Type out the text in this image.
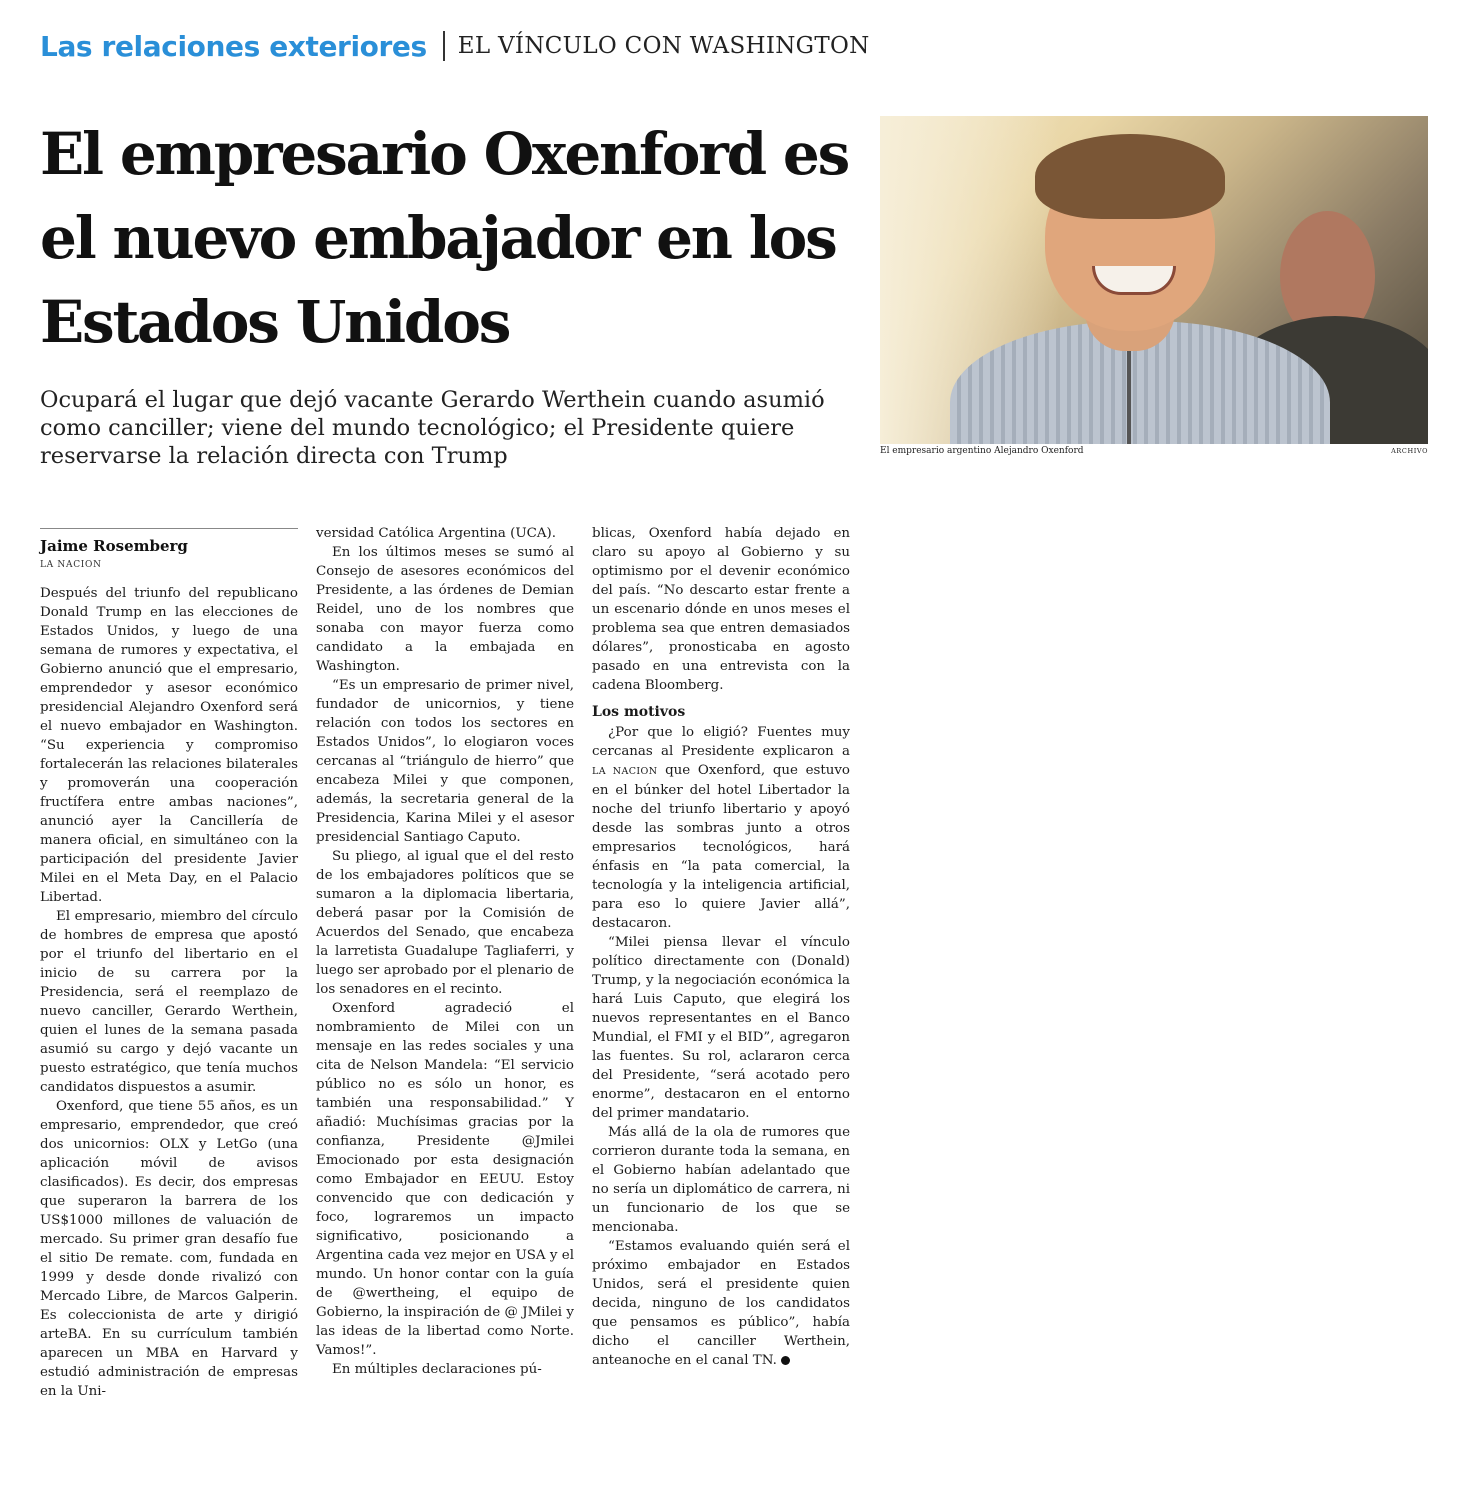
Las relaciones exteriores EL VÍNCULO CON WASHINGTON
El empresario Oxenford es el nuevo embajador en los Estados Unidos

Ocupará el lugar que dejó vacante Gerardo Werthein cuando asumió como canciller; viene del mundo tecnológico; el Presidente quiere reservarse la relación directa con Trump	El empresario argentino Alejandro Oxenford	ARCHIVO
Jaime Rosemberg
LA NACION

Después del triunfo del republicano Donald Trump en las elecciones de Estados Unidos, y luego de una semana de rumores y expectativa, el Gobierno anunció que el empresario, emprendedor y asesor económico presidencial Alejandro Oxenford será el nuevo embajador en Washington. “Su experiencia y compromiso fortalecerán las relaciones bilaterales y promoverán una cooperación fructífera entre ambas naciones”, anunció ayer la Cancillería de manera oficial, en simultáneo con la participación del presidente Javier Milei en el Meta Day, en el Palacio Libertad.

El empresario, miembro del círculo de hombres de empresa que apostó por el triunfo del libertario en el inicio de su carrera por la Presidencia, será el reemplazo de nuevo canciller, Gerardo Werthein, quien el lunes de la semana pasada asumió su cargo y dejó vacante un puesto estratégico, que tenía muchos candidatos dispuestos a asumir.

Oxenford, que tiene 55 años, es un empresario, emprendedor, que creó dos unicornios: OLX y LetGo (una aplicación móvil de avisos clasificados). Es decir, dos empresas que superaron la barrera de los US$1000 millones de valuación de mercado. Su primer gran desafío fue el sitio De remate. com, fundada en 1999 y desde donde rivalizó con Mercado Libre, de Marcos Galperin. Es coleccionista de arte y dirigió arteBA. En su currículum también aparecen un MBA en Harvard y estudió administración de empresas en la Uni-

versidad Católica Argentina (UCA).

En los últimos meses se sumó al Consejo de asesores económicos del Presidente, a las órdenes de Demian Reidel, uno de los nombres que sonaba con mayor fuerza como candidato a la embajada en Washington.

“Es un empresario de primer nivel, fundador de unicornios, y tiene relación con todos los sectores en Estados Unidos”, lo elogiaron voces cercanas al “triángulo de hierro” que encabeza Milei y que componen, además, la secretaria general de la Presidencia, Karina Milei y el asesor presidencial Santiago Caputo.

Su pliego, al igual que el del resto de los embajadores políticos que se sumaron a la diplomacia libertaria, deberá pasar por la Comisión de Acuerdos del Senado, que encabeza la larretista Guadalupe Tagliaferri, y luego ser aprobado por el plenario de los senadores en el recinto.

Oxenford agradeció el nombramiento de Milei con un mensaje en las redes sociales y una cita de Nelson Mandela: “El servicio público no es sólo un honor, es también una responsabilidad.” Y añadió: Muchísimas gracias por la confianza, Presidente @Jmilei Emocionado por esta designación como Embajador en EEUU. Estoy convencido que con dedicación y foco, lograremos un impacto significativo, posicionando a Argentina cada vez mejor en USA y el mundo. Un honor contar con la guía de @wertheing, el equipo de Gobierno, la inspiración de @ JMilei y las ideas de la libertad como Norte. Vamos!”.

En múltiples declaraciones pú-

blicas, Oxenford había dejado en claro su apoyo al Gobierno y su optimismo por el devenir económico del país. “No descarto estar frente a un escenario dónde en unos meses el problema sea que entren demasiados dólares”, pronosticaba en agosto pasado en una entrevista con la cadena Bloomberg.

Los motivos

¿Por que lo eligió? Fuentes muy cercanas al Presidente explicaron a LA NACION que Oxenford, que estuvo en el búnker del hotel Libertador la noche del triunfo libertario y apoyó desde las sombras junto a otros empresarios tecnológicos, hará énfasis en “la pata comercial, la tecnología y la inteligencia artificial, para eso lo quiere Javier allá”, destacaron.

“Milei piensa llevar el vínculo político directamente con (Donald) Trump, y la negociación económica la hará Luis Caputo, que elegirá los nuevos representantes en el Banco Mundial, el FMI y el BID”, agregaron las fuentes. Su rol, aclararon cerca del Presidente, “será acotado pero enorme”, destacaron en el entorno del primer mandatario.

Más allá de la ola de rumores que corrieron durante toda la semana, en el Gobierno habían adelantado que no sería un diplomático de carrera, ni un funcionario de los que se mencionaba.

“Estamos evaluando quién será el próximo embajador en Estados Unidos, será el presidente quien decida, ninguno de los candidatos que pensamos es público”, había dicho el canciller Werthein, anteanoche en el canal TN.
